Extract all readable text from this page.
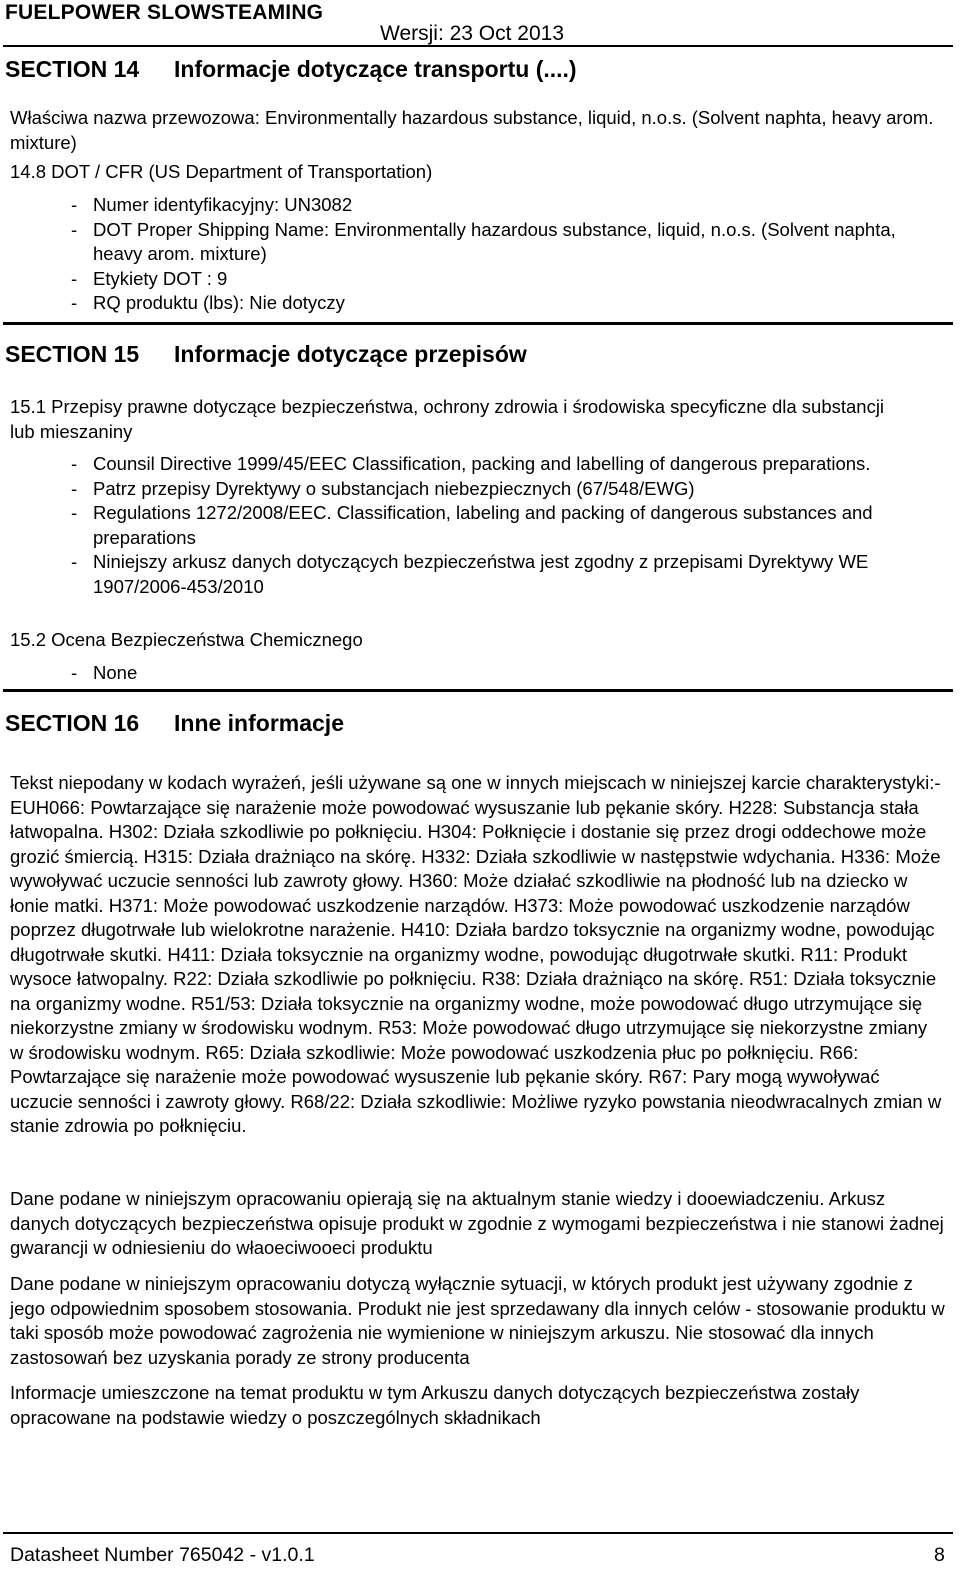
FUELPOWER SLOWSTEAMING
Wersji: 23 Oct 2013
SECTION 14 Informacje dotyczące transportu (....)

Właściwa nazwa przewozowa: Environmentally hazardous substance, liquid, n.o.s. (Solvent naphta, heavy arom. mixture)

14.8 DOT / CFR (US Department of Transportation)

- Numer identyfikacyjny: UN3082
- DOT Proper Shipping Name: Environmentally hazardous substance, liquid, n.o.s. (Solvent naphta, heavy arom. mixture)
- Etykiety DOT : 9
- RQ produktu (lbs): Nie dotyczy
SECTION 15 Informacje dotyczące przepisów

15.1 Przepisy prawne dotyczące bezpieczeństwa, ochrony zdrowia i środowiska specyficzne dla substancji lub mieszaniny

- Counsil Directive 1999/45/EEC Classification, packing and labelling of dangerous preparations.
- Patrz przepisy Dyrektywy o substancjach niebezpiecznych (67/548/EWG)
- Regulations 1272/2008/EEC. Classification, labeling and packing of dangerous substances and preparations
- Niniejszy arkusz danych dotyczących bezpieczeństwa jest zgodny z przepisami Dyrektywy WE 1907/2006-453/2010

15.2 Ocena Bezpieczeństwa Chemicznego

- None
SECTION 16 Inne informacje

Tekst niepodany w kodach wyrażeń, jeśli używane są one w innych miejscach w niniejszej karcie charakterystyki:- EUH066: Powtarzające się narażenie może powodować wysuszanie lub pękanie skóry. H228: Substancja stała łatwopalna. H302: Działa szkodliwie po połknięciu. H304: Połknięcie i dostanie się przez drogi oddechowe może grozić śmiercią. H315: Działa drażniąco na skórę. H332: Działa szkodliwie w następstwie wdychania. H336: Może wywoływać uczucie senności lub zawroty głowy. H360: Może działać szkodliwie na płodność lub na dziecko w łonie matki. H371: Może powodować uszkodzenie narządów. H373: Może powodować uszkodzenie narządów poprzez długotrwałe lub wielokrotne narażenie. H410: Działa bardzo toksycznie na organizmy wodne, powodując długotrwałe skutki. H411: Działa toksycznie na organizmy wodne, powodując długotrwałe skutki. R11: Produkt wysoce łatwopalny. R22: Działa szkodliwie po połknięciu. R38: Działa drażniąco na skórę. R51: Działa toksycznie na organizmy wodne. R51/53: Działa toksycznie na organizmy wodne, może powodować długo utrzymujące się niekorzystne zmiany w środowisku wodnym. R53: Może powodować długo utrzymujące się niekorzystne zmiany w środowisku wodnym. R65: Działa szkodliwie: Może powodować uszkodzenia płuc po połknięciu. R66: Powtarzające się narażenie może powodować wysuszenie lub pękanie skóry. R67: Pary mogą wywoływać uczucie senności i zawroty głowy. R68/22: Działa szkodliwie: Możliwe ryzyko powstania nieodwracalnych zmian w stanie zdrowia po połknięciu.

Dane podane w niniejszym opracowaniu opierają się na aktualnym stanie wiedzy i dooewiadczeniu. Arkusz danych dotyczących bezpieczeństwa opisuje produkt w zgodnie z wymogami bezpieczeństwa i nie stanowi żadnej gwarancji w odniesieniu do właoeciwooeci produktu

Dane podane w niniejszym opracowaniu dotyczą wyłącznie sytuacji, w których produkt jest używany zgodnie z jego odpowiednim sposobem stosowania. Produkt nie jest sprzedawany dla innych celów - stosowanie produktu w taki sposób może powodować zagrożenia nie wymienione w niniejszym arkuszu. Nie stosować dla innych zastosowań bez uzyskania porady ze strony producenta

Informacje umieszczone na temat produktu w tym Arkuszu danych dotyczących bezpieczeństwa zostały opracowane na podstawie wiedzy o poszczególnych składnikach

Datasheet Number 765042 - v1.0.1	8
